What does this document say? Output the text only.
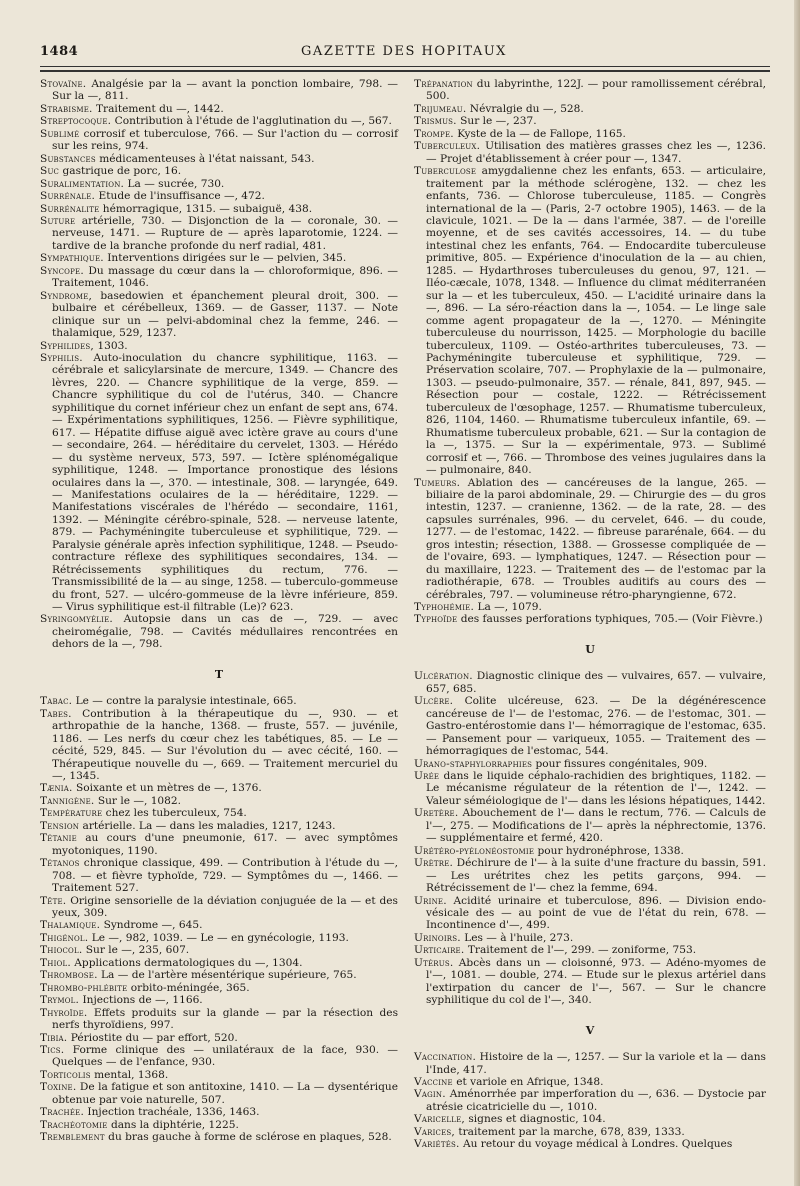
1484	GAZETTE DES HOPITAUX

Stovaïne. Analgésie par la — avant la ponction lombaire, 798. — Sur la —, 811.

Strabisme. Traitement du —, 1442.

Streptocoque. Contribution à l'étude de l'agglutination du —, 567.

Sublimé corrosif et tuberculose, 766. — Sur l'action du — corrosif sur les reins, 974.

Substances médicamenteuses à l'état naissant, 543.

Suc gastrique de porc, 16.

Suralimentation. La — sucrée, 730.

Surrénale. Etude de l'insuffisance —, 472.

Surrénalite hémorragique, 1315. — subaiguë, 438.

Suture artérielle, 730. — Disjonction de la — coronale, 30. — nerveuse, 1471. — Rupture de — après laparotomie, 1224. — tardive de la branche profonde du nerf radial, 481.

Sympathique. Interventions dirigées sur le — pelvien, 345.

Syncope. Du massage du cœur dans la — chloroformique, 896. — Traitement, 1046.

Syndrome, basedowien et épanchement pleural droit, 300. — bulbaire et cérébelleux, 1369. — de Gasser, 1137. — Note clinique sur un — pelvi-abdominal chez la femme, 246. — thalamique, 529, 1237.

Syphilides, 1303.

Syphilis. Auto-inoculation du chancre syphilitique, 1163. — cérébrale et salicylarsinate de mercure, 1349. — Chancre des lèvres, 220. — Chancre syphilitique de la verge, 859. — Chancre syphilitique du col de l'utérus, 340. — Chancre syphilitique du cornet inférieur chez un enfant de sept ans, 674. — Expérimentations syphilitiques, 1256. — Fièvre syphilitique, 617. — Hépatite diffuse aiguë avec ictère grave au cours d'une — secondaire, 264. — héréditaire du cervelet, 1303. — Hérédo — du système nerveux, 573, 597. — Ictère splénomégalique syphilitique, 1248. — Importance pronostique des lésions oculaires dans la —, 370. — intestinale, 308. — laryngée, 649. — Manifestations oculaires de la — héréditaire, 1229. — Manifestations viscérales de l'hérédo — secondaire, 1161, 1392. — Méningite cérébro-spinale, 528. — nerveuse latente, 879. — Pachyméningite tuberculeuse et syphilitique, 729. — Paralysie générale après infection syphilitique, 1248. — Pseudo-contracture réflexe des syphilitiques secondaires, 134. — Rétrécissements syphilitiques du rectum, 776. — Transmissibilité de la — au singe, 1258. — tuberculo-gommeuse du front, 527. — ulcéro-gommeuse de la lèvre inférieure, 859. — Virus syphilitique est-il filtrable (Le)? 623.

Syringomyélie. Autopsie dans un cas de —, 729. — avec cheiromégalie, 798. — Cavités médullaires rencontrées en dehors de la —, 798.

T

Tabac. Le — contre la paralysie intestinale, 665.

Tabes. Contribution à la thérapeutique du —, 930. — et arthropathie de la hanche, 1368. — fruste, 557. — juvénile, 1186. — Les nerfs du cœur chez les tabétiques, 85. — Le — cécité, 529, 845. — Sur l'évolution du — avec cécité, 160. — Thérapeutique nouvelle du —, 669. — Traitement mercuriel du —, 1345.

Tænia. Soixante et un mètres de —, 1376.

Tannigène. Sur le —, 1082.

Température chez les tuberculeux, 754.

Tension artérielle. La — dans les maladies, 1217, 1243.

Tétanie au cours d'une pneumonie, 617. — avec symptômes myotoniques, 1190.

Tétanos chronique classique, 499. — Contribution à l'étude du —, 708. — et fièvre typhoïde, 729. — Symptômes du —, 1466. — Traitement 527.

Tête. Origine sensorielle de la déviation conjuguée de la — et des yeux, 309.

Thalamique. Syndrome —, 645.

Thigénol. Le —, 982, 1039. — Le — en gynécologie, 1193.

Thiocol. Sur le —, 235, 607.

Thiol. Applications dermatologiques du —, 1304.

Thrombose. La — de l'artère mésentérique supérieure, 765.

Thrombo-phlébite orbito-méningée, 365.

Trymol. Injections de —, 1166.

Thyroïde. Effets produits sur la glande — par la résection des nerfs thyroïdiens, 997.

Tibia. Périostite du — par effort, 520.

Tics. Forme clinique des — unilatéraux de la face, 930. — Quelques — de l'enfance, 930.

Torticolis mental, 1368.

Toxine. De la fatigue et son antitoxine, 1410. — La — dysentérique obtenue par voie naturelle, 507.

Trachée. Injection trachéale, 1336, 1463.

Trachéotomie dans la diphtérie, 1225.

Tremblement du bras gauche à forme de sclérose en plaques, 528.

Trépanation du labyrinthe, 122J. — pour ramollissement cérébral, 500.

Trijumeau. Névralgie du —, 528.

Trismus. Sur le —, 237.

Trompe. Kyste de la — de Fallope, 1165.

Tuberculeux. Utilisation des matières grasses chez les —, 1236. — Projet d'établissement à créer pour —, 1347.

Tuberculose amygdalienne chez les enfants, 653. — articulaire, traitement par la méthode sclérogène, 132. — chez les enfants, 736. — Chlorose tuberculeuse, 1185. — Congrès international de la — (Paris, 2-7 octobre 1905), 1463. — de la clavicule, 1021. — De la — dans l'armée, 387. — de l'oreille moyenne, et de ses cavités accessoires, 14. — du tube intestinal chez les enfants, 764. — Endocardite tuberculeuse primitive, 805. — Expérience d'inoculation de la — au chien, 1285. — Hydarthroses tuberculeuses du genou, 97, 121. — Iléo-cæcale, 1078, 1348. — Influence du climat méditerranéen sur la — et les tuberculeux, 450. — L'acidité urinaire dans la —, 896. — La séro-réaction dans la —, 1054. — Le linge sale comme agent propagateur de la —, 1270. — Méningite tuberculeuse du nourrisson, 1425. — Morphologie du bacille tuberculeux, 1109. — Ostéo-arthrites tuberculeuses, 73. — Pachyméningite tuberculeuse et syphilitique, 729. — Préservation scolaire, 707. — Prophylaxie de la — pulmonaire, 1303. — pseudo-pulmonaire, 357. — rénale, 841, 897, 945. — Résection pour — costale, 1222. — Rétrécissement tuberculeux de l'œsophage, 1257. — Rhumatisme tuberculeux, 826, 1104, 1460. — Rhumatisme tuberculeux infantile, 69. — Rhumatisme tuberculeux probable, 621. — Sur la contagion de la —, 1375. — Sur la — expérimentale, 973. — Sublimé corrosif et —, 766. — Thrombose des veines jugulaires dans la — pulmonaire, 840.

Tumeurs. Ablation des — cancéreuses de la langue, 265. — biliaire de la paroi abdominale, 29. — Chirurgie des — du gros intestin, 1237. — cranienne, 1362. — de la rate, 28. — des capsules surrénales, 996. — du cervelet, 646. — du coude, 1277. — de l'estomac, 1422. — fibreuse pararénale, 664. — du gros intestin; résection, 1388. — Grossesse compliquée de — de l'ovaire, 693. — lymphatiques, 1247. — Résection pour — du maxillaire, 1223. — Traitement des — de l'estomac par la radiothérapie, 678. — Troubles auditifs au cours des — cérébrales, 797. — volumineuse rétro-pharyngienne, 672.

Typhohémie. La —, 1079.

Typhoïde des fausses perforations typhiques, 705.— (Voir Fièvre.)

U

Ulcération. Diagnostic clinique des — vulvaires, 657. — vulvaire, 657, 685.

Ulcère. Colite ulcéreuse, 623. — De la dégénérescence cancéreuse de l'— de l'estomac, 276. — de l'estomac, 301. — Gastro-entérostomie dans l'— hémorragique de l'estomac, 635. — Pansement pour — variqueux, 1055. — Traitement des — hémorragiques de l'estomac, 544.

Urano-staphylorraphies pour fissures congénitales, 909.

Urée dans le liquide céphalo-rachidien des brightiques, 1182. — Le mécanisme régulateur de la rétention de l'—, 1242. — Valeur séméiologique de l'— dans les lésions hépatiques, 1442.

Uretère. Abouchement de l'— dans le rectum, 776. — Calculs de l'—, 275. — Modifications de l'— après la néphrectomie, 1376. — supplémentaire et fermé, 420.

Urétéro-pyélonéostomie pour hydronéphrose, 1338.

Urètre. Déchirure de l'— à la suite d'une fracture du bassin, 591. — Les urétrites chez les petits garçons, 994. — Rétrécissement de l'— chez la femme, 694.

Urine. Acidité urinaire et tuberculose, 896. — Division endo-vésicale des — au point de vue de l'état du rein, 678. — Incontinence d'—, 499.

Urinoirs. Les — à l'huile, 273.

Urticaire. Traitement de l'—, 299. — zoniforme, 753.

Utérus. Abcès dans un — cloisonné, 973. — Adéno-myomes de l'—, 1081. — double, 274. — Etude sur le plexus artériel dans l'extirpation du cancer de l'—, 567. — Sur le chancre syphilitique du col de l'—, 340.

V

Vaccination. Histoire de la —, 1257. — Sur la variole et la — dans l'Inde, 417.

Vaccine et variole en Afrique, 1348.

Vagin. Aménorrhée par imperforation du —, 636. — Dystocie par atrésie cicatricielle du —, 1010.

Varicelle, signes et diagnostic, 104.

Varices, traitement par la marche, 678, 839, 1333.

Variétés. Au retour du voyage médical à Londres. Quelques
